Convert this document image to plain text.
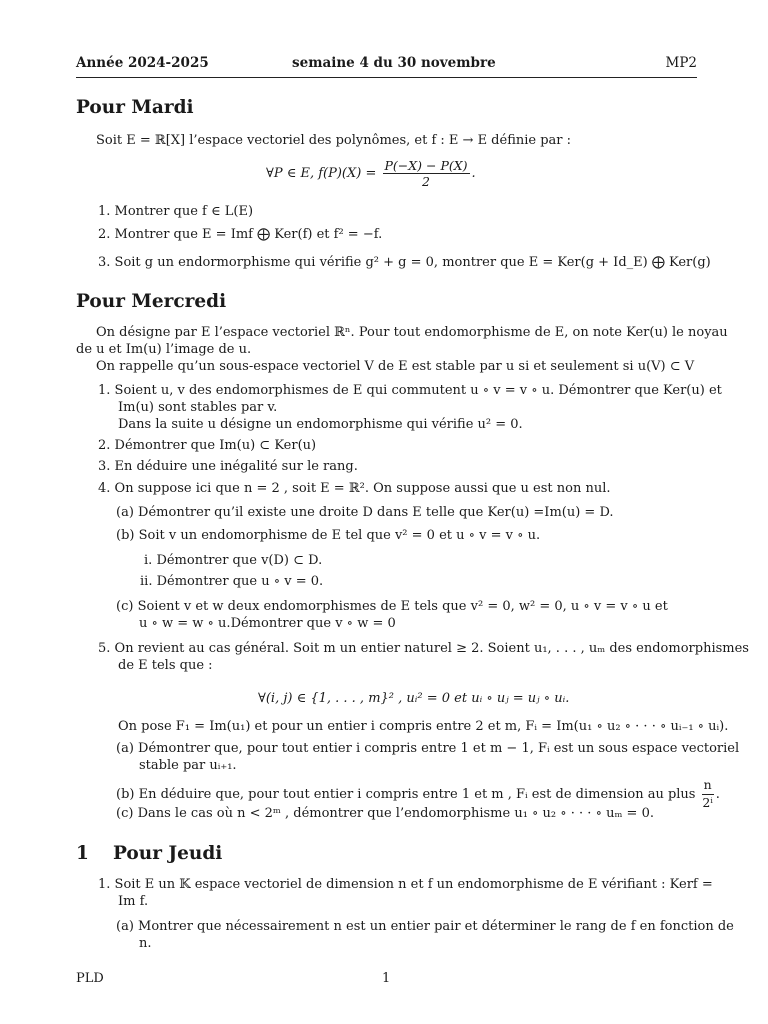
Année 2024-2025	semaine 4 du 30 novembre	MP2
Pour Mardi
Soit E = ℝ[X] l’espace vectoriel des polynômes, et f : E → E définie par :
∀P ∈ E, $f(P)(X) = \frac{P(-X) - P(X)}{2}$ .
1. Montrer que f ∈ L(E)
2. Montrer que E = Imf ⨁ Ker(f) et f² = −f.
3. Soit g un endormorphisme qui vérifie g² + g = 0, montrer que E = Ker(g + Id_E) ⨁ Ker(g)
Pour Mercredi
On désigne par E l’espace vectoriel ℝⁿ. Pour tout endomorphisme de E, on note Ker(u) le noyau
de u et Im(u) l’image de u.
On rappelle qu’un sous-espace vectoriel V de E est stable par u si et seulement si u(V) ⊂ V
1. Soient u, v des endomorphismes de E qui commutent u ∘ v = v ∘ u. Démontrer que Ker(u) et
Im(u) sont stables par v.
Dans la suite u désigne un endomorphisme qui vérifie u² = 0.
2. Démontrer que Im(u) ⊂ Ker(u)
3. En déduire une inégalité sur le rang.
4. On suppose ici que n = 2 , soit E = ℝ². On suppose aussi que u est non nul.
(a) Démontrer qu’il existe une droite D dans E telle que Ker(u) =Im(u) = D.
(b) Soit v un endomorphisme de E tel que v² = 0 et u ∘ v = v ∘ u.
i. Démontrer que v(D) ⊂ D.
ii. Démontrer que u ∘ v = 0.
(c) Soient v et w deux endomorphismes de E tels que v² = 0, w² = 0, u ∘ v = v ∘ u et
u ∘ w = w ∘ u.Démontrer que v ∘ w = 0
5. On revient au cas général. Soit m un entier naturel ≥ 2. Soient u₁, . . . , uₘ des endomorphismes
de E tels que :
∀(i, j) ∈ {1, . . . , m}² , uᵢ² = 0 et uᵢ ∘ uⱼ = uⱼ ∘ uᵢ.
On pose F₁ = Im(u₁) et pour un entier i compris entre 2 et m, Fᵢ = Im(u₁ ∘ u₂ ∘ · · · ∘ uᵢ₋₁ ∘ uᵢ).
(a) Démontrer que, pour tout entier i compris entre 1 et m − 1, Fᵢ est un sous espace vectoriel
stable par uᵢ₊₁.
(b) En déduire que, pour tout entier i compris entre 1 et m , Fᵢ est de dimension au plus $\frac{n}{\text{2ⁱ}}$ .
(c) Dans le cas où n < 2ᵐ , démontrer que l’endomorphisme u₁ ∘ u₂ ∘ · · · ∘ uₘ = 0.
1 Pour Jeudi
1. Soit E un 𝕂 espace vectoriel de dimension n et f un endomorphisme de E vérifiant : Kerf =
Im f.
(a) Montrer que nécessairement n est un entier pair et déterminer le rang de f en fonction de
n.
PLD	1
